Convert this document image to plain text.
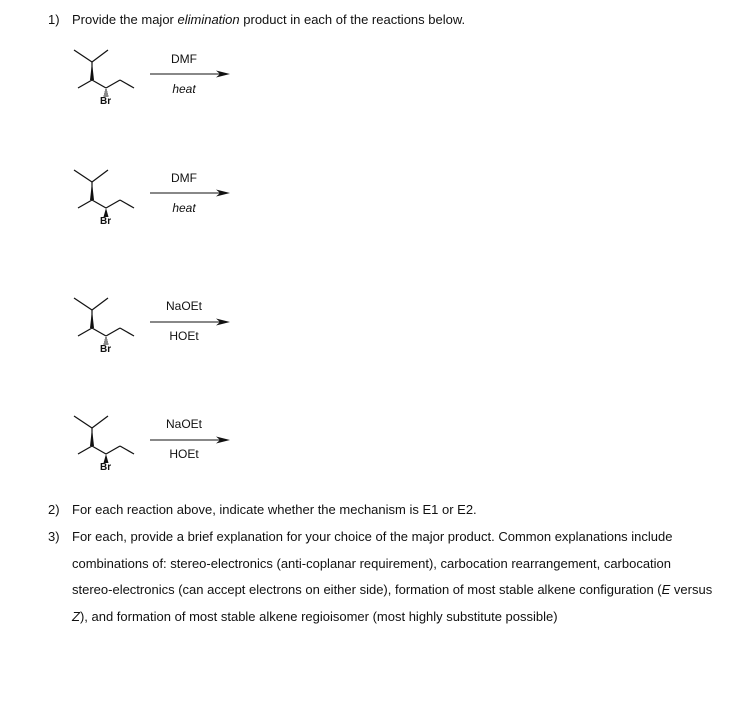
1) Provide the major elimination product in each of the reactions below.
Br
DMF
heat
Br
DMF
heat
Br
NaOEt
HOEt
Br
NaOEt
HOEt
2) For each reaction above, indicate whether the mechanism is E1 or E2.
3) For each, provide a brief explanation for your choice of the major product. Common explanations include
combinations of: stereo-electronics (anti-coplanar requirement), carbocation rearrangement, carbocation
stereo-electronics (can accept electrons on either side), formation of most stable alkene configuration (E versus
Z), and formation of most stable alkene regioisomer (most highly substitute possible)
